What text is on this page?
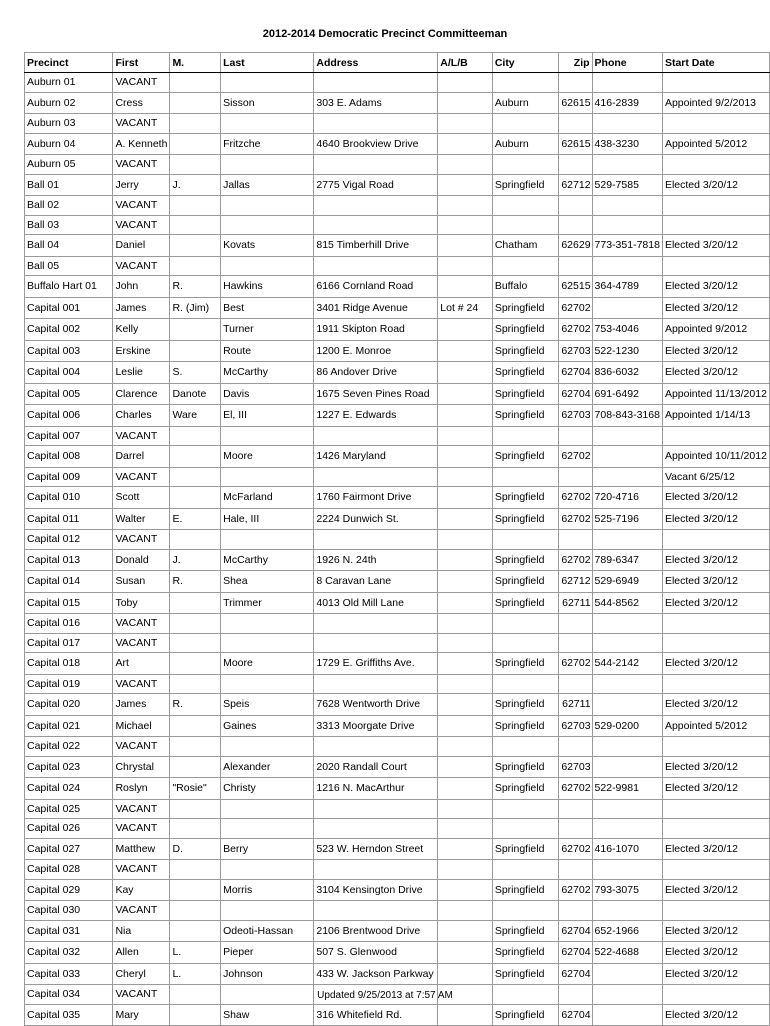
2012-2014 Democratic Precinct Committeeman
Precinct	First	M.	Last	Address	A/L/B	City	Zip	Phone	Start Date
Auburn 01	VACANT								
Auburn 02	Cress		Sisson	303 E. Adams		Auburn	62615	416-2839	Appointed 9/2/2013
Auburn 03	VACANT								
Auburn 04	A. Kenneth		Fritzche	4640 Brookview Drive		Auburn	62615	438-3230	Appointed 5/2012
Auburn 05	VACANT								
Ball 01	Jerry	J.	Jallas	2775 Vigal Road		Springfield	62712	529-7585	Elected 3/20/12
Ball 02	VACANT								
Ball 03	VACANT								
Ball 04	Daniel		Kovats	815 Timberhill Drive		Chatham	62629	773-351-7818	Elected 3/20/12
Ball 05	VACANT								
Buffalo Hart 01	John	R.	Hawkins	6166 Cornland Road		Buffalo	62515	364-4789	Elected 3/20/12
Capital 001	James	R. (Jim)	Best	3401 Ridge Avenue	Lot # 24	Springfield	62702		Elected 3/20/12
Capital 002	Kelly		Turner	1911 Skipton Road		Springfield	62702	753-4046	Appointed 9/2012
Capital 003	Erskine		Route	1200 E. Monroe		Springfield	62703	522-1230	Elected 3/20/12
Capital 004	Leslie	S.	McCarthy	86 Andover Drive		Springfield	62704	836-6032	Elected 3/20/12
Capital 005	Clarence	Danote	Davis	1675 Seven Pines Road		Springfield	62704	691-6492	Appointed 11/13/2012
Capital 006	Charles	Ware	El, III	1227 E. Edwards		Springfield	62703	708-843-3168	Appointed 1/14/13
Capital 007	VACANT								
Capital 008	Darrel		Moore	1426 Maryland		Springfield	62702		Appointed 10/11/2012
Capital 009	VACANT								Vacant 6/25/12
Capital 010	Scott		McFarland	1760 Fairmont Drive		Springfield	62702	720-4716	Elected 3/20/12
Capital 011	Walter	E.	Hale, III	2224 Dunwich St.		Springfield	62702	525-7196	Elected 3/20/12
Capital 012	VACANT								
Capital 013	Donald	J.	McCarthy	1926 N. 24th		Springfield	62702	789-6347	Elected 3/20/12
Capital 014	Susan	R.	Shea	8 Caravan Lane		Springfield	62712	529-6949	Elected 3/20/12
Capital 015	Toby		Trimmer	4013 Old Mill Lane		Springfield	62711	544-8562	Elected 3/20/12
Capital 016	VACANT								
Capital 017	VACANT								
Capital 018	Art		Moore	1729 E. Griffiths Ave.		Springfield	62702	544-2142	Elected 3/20/12
Capital 019	VACANT								
Capital 020	James	R.	Speis	7628 Wentworth Drive		Springfield	62711		Elected 3/20/12
Capital 021	Michael		Gaines	3313 Moorgate Drive		Springfield	62703	529-0200	Appointed 5/2012
Capital 022	VACANT								
Capital 023	Chrystal		Alexander	2020 Randall Court		Springfield	62703		Elected 3/20/12
Capital 024	Roslyn	"Rosie"	Christy	1216 N. MacArthur		Springfield	62702	522-9981	Elected 3/20/12
Capital 025	VACANT								
Capital 026	VACANT								
Capital 027	Matthew	D.	Berry	523 W. Herndon Street		Springfield	62702	416-1070	Elected 3/20/12
Capital 028	VACANT								
Capital 029	Kay		Morris	3104 Kensington Drive		Springfield	62702	793-3075	Elected 3/20/12
Capital 030	VACANT								
Capital 031	Nia		Odeoti-Hassan	2106 Brentwood Drive		Springfield	62704	652-1966	Elected 3/20/12
Capital 032	Allen	L.	Pieper	507 S. Glenwood		Springfield	62704	522-4688	Elected 3/20/12
Capital 033	Cheryl	L.	Johnson	433 W. Jackson Parkway		Springfield	62704		Elected 3/20/12
Capital 034	VACANT								
Capital 035	Mary		Shaw	316 Whitefield Rd.		Springfield	62704		Elected 3/20/12
Updated 9/25/2013 at 7:57 AM
